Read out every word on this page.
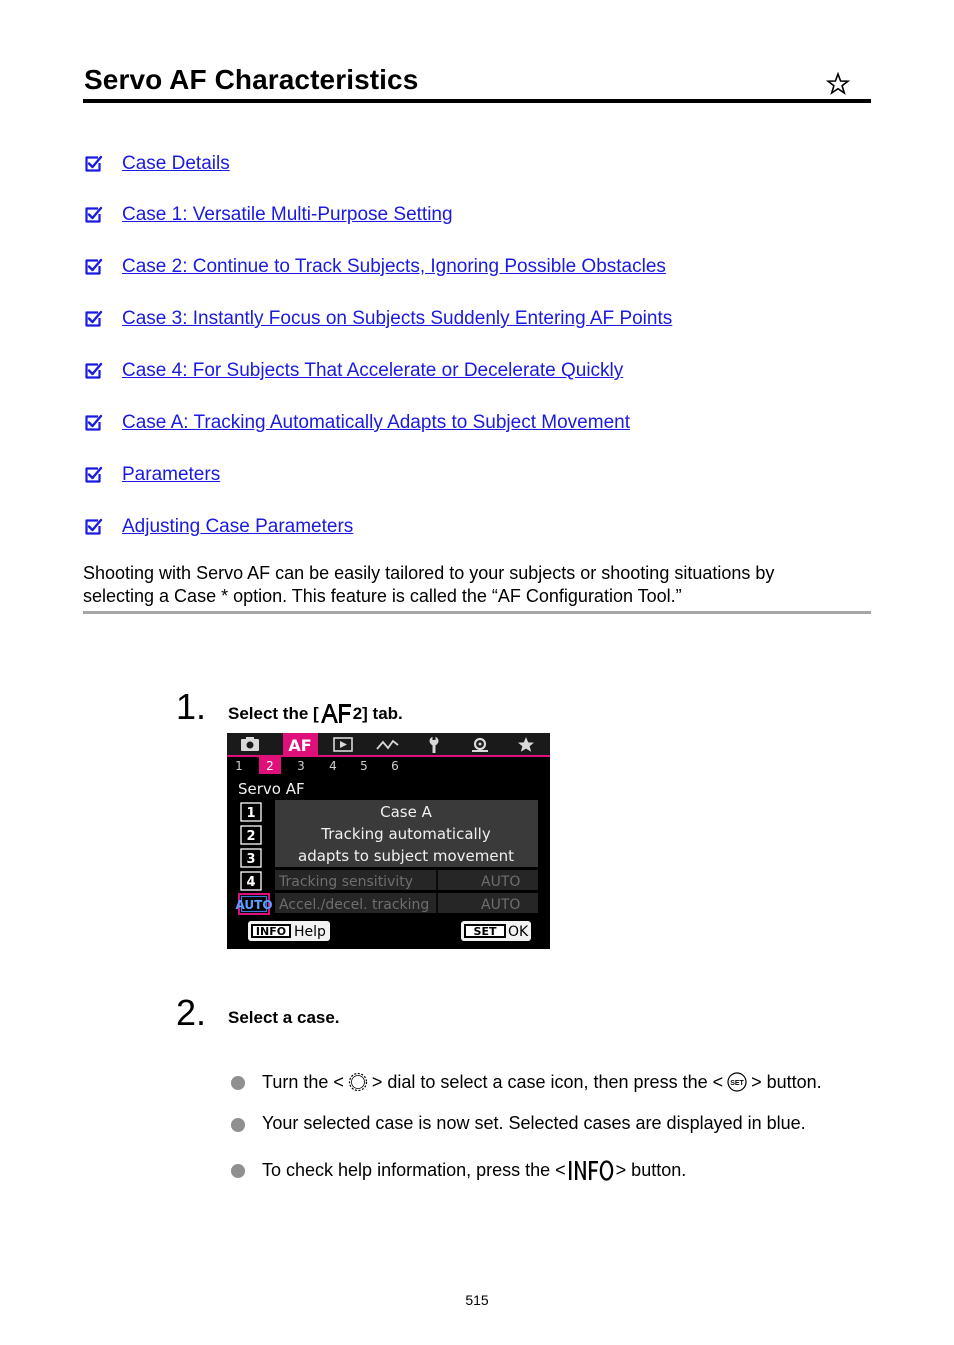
Servo AF Characteristics
Case Details
Case 1: Versatile Multi-Purpose Setting
Case 2: Continue to Track Subjects, Ignoring Possible Obstacles
Case 3: Instantly Focus on Subjects Suddenly Entering AF Points
Case 4: For Subjects That Accelerate or Decelerate Quickly
Case A: Tracking Automatically Adapts to Subject Movement
Parameters
Adjusting Case Parameters
Shooting with Servo AF can be easily tailored to your subjects or shooting situations by
selecting a Case * option. This feature is called the “AF Configuration Tool.”
1. Select the [ 2] tab.
AF
1 2 3 4 5 6
Servo AF
Case A
Tracking automatically
adapts to subject movement
Tracking sensitivity	AUTO
Accel./decel. tracking	AUTO
1
2
3
4
AUTO
INFO Help	SET OK
2. Select a case.
Turn the < > dial to select a case icon, then press the < SET > button.
Your selected case is now set. Selected cases are displayed in blue.
To check help information, press the <	> button.
515
